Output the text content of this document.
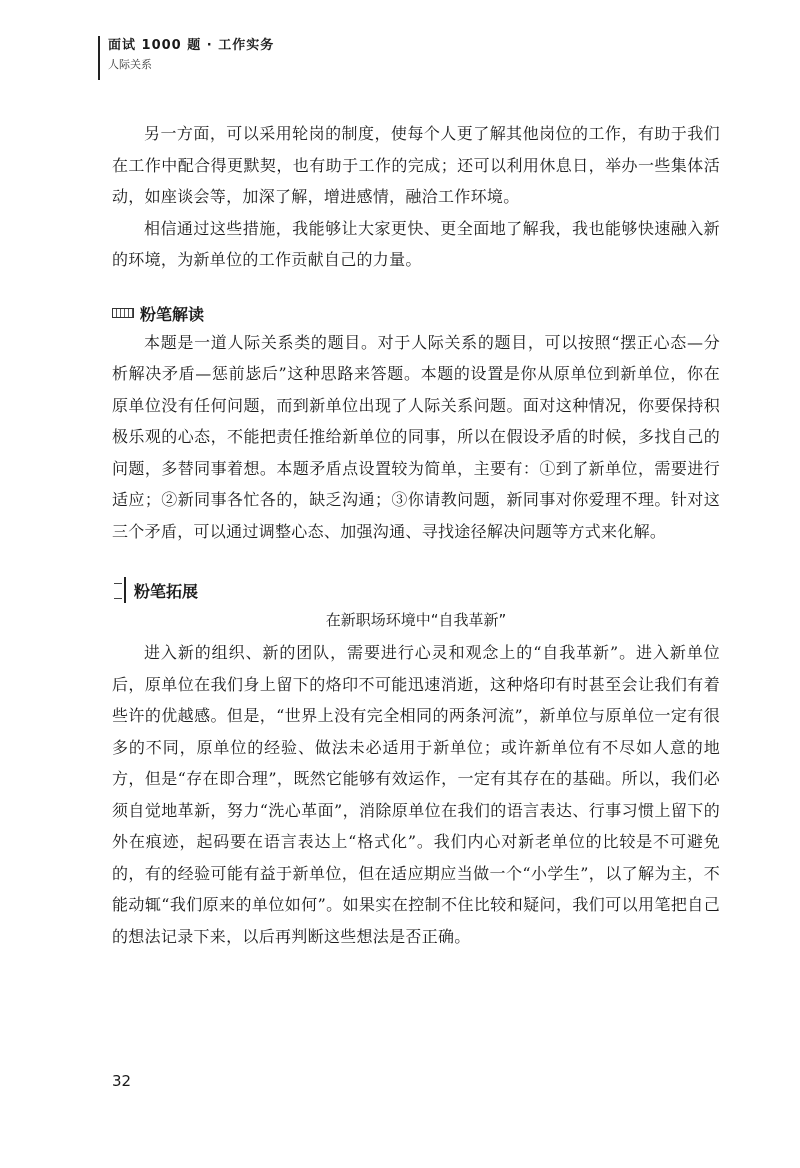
面试 1000 题 · 工作实务
人际关系

另一方面，可以采用轮岗的制度，使每个人更了解其他岗位的工作，有助于我们在工作中配合得更默契，也有助于工作的完成；还可以利用休息日，举办一些集体活动，如座谈会等，加深了解，增进感情，融洽工作环境。

相信通过这些措施，我能够让大家更快、更全面地了解我，我也能够快速融入新的环境，为新单位的工作贡献自己的力量。

粉笔解读

本题是一道人际关系类的题目。对于人际关系的题目，可以按照“摆正心态—分析解决矛盾—惩前毖后”这种思路来答题。本题的设置是你从原单位到新单位，你在原单位没有任何问题，而到新单位出现了人际关系问题。面对这种情况，你要保持积极乐观的心态，不能把责任推给新单位的同事，所以在假设矛盾的时候，多找自己的问题，多替同事着想。本题矛盾点设置较为简单，主要有：①到了新单位，需要进行适应；②新同事各忙各的，缺乏沟通；③你请教问题，新同事对你爱理不理。针对这三个矛盾，可以通过调整心态、加强沟通、寻找途径解决问题等方式来化解。

粉笔拓展
在新职场环境中“自我革新”

进入新的组织、新的团队，需要进行心灵和观念上的“自我革新”。进入新单位后，原单位在我们身上留下的烙印不可能迅速消逝，这种烙印有时甚至会让我们有着些许的优越感。但是，“世界上没有完全相同的两条河流”，新单位与原单位一定有很多的不同，原单位的经验、做法未必适用于新单位；或许新单位有不尽如人意的地方，但是“存在即合理”，既然它能够有效运作，一定有其存在的基础。所以，我们必须自觉地革新，努力“洗心革面”，消除原单位在我们的语言表达、行事习惯上留下的外在痕迹，起码要在语言表达上“格式化”。我们内心对新老单位的比较是不可避免的，有的经验可能有益于新单位，但在适应期应当做一个“小学生”，以了解为主，不能动辄“我们原来的单位如何”。如果实在控制不住比较和疑问，我们可以用笔把自己的想法记录下来，以后再判断这些想法是否正确。

32
